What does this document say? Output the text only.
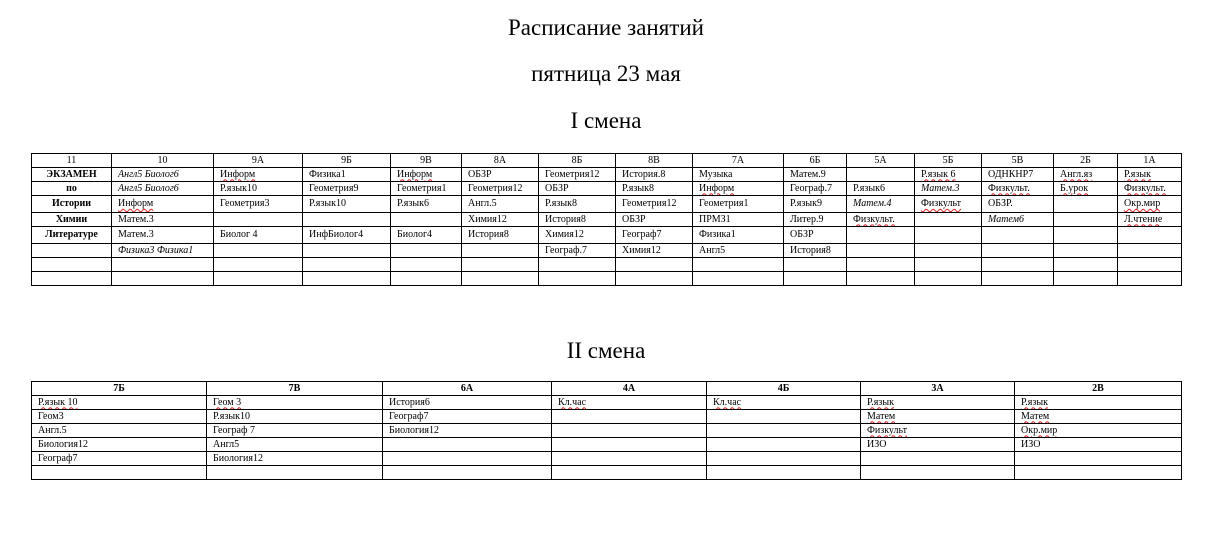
Расписание занятий
пятница 23 мая
I смена
II смена
11	10	9А	9Б	9В	8А	8Б	8В	7А	6Б	5А	5Б	5В	2Б	1А
ЭКЗАМЕН	Англ5 Биолог6	Информ	Физика1	Информ	ОБЗР	Геометрия12	История.8	Музыка	Матем.9		Р.язык 6	ОДНКНР7	Англ.яз	Р.язык
по	Англ5 Биолог6	Р.язык10	Геометрия9	Геометрия1	Геометрия12	ОБЗР	Р.язык8	Информ	Географ.7	Р.язык6	Матем.3	Физкульт.	Б.урок	Физкульт.
Истории	Информ	Геометрия3	Р.язык10	Р.язык6	Англ.5	Р.язык8	Геометрия12	Геометрия1	Р.язык9	Матем.4	Физкульт	ОБЗР.		Окр.мир
Химии	Матем.3				Химия12	История8	ОБЗР	ПРМЗ1	Литер.9	Физкульт.		Матем6		Л.чтение
Литературе	Матем.3	Биолог 4	ИнфБиолог4	Биолог4	История8	Химия12	Географ7	Физика1	ОБЗР					
	Физика3 Физика1					Географ.7	Химия12	Англ5	История8					

7Б	7В	6А	4А	4Б	3А	2В
Р.язык 10	Геом 3	История6	Кл.час	Кл.час	Р.язык	Р.язык
Геом3	Р.язык10	Географ7			Матем	Матем
Англ.5	Географ 7	Биология12			Физкульт	Окр.мир
Биология12	Англ5				ИЗО	ИЗО
Географ7	Биология12					
